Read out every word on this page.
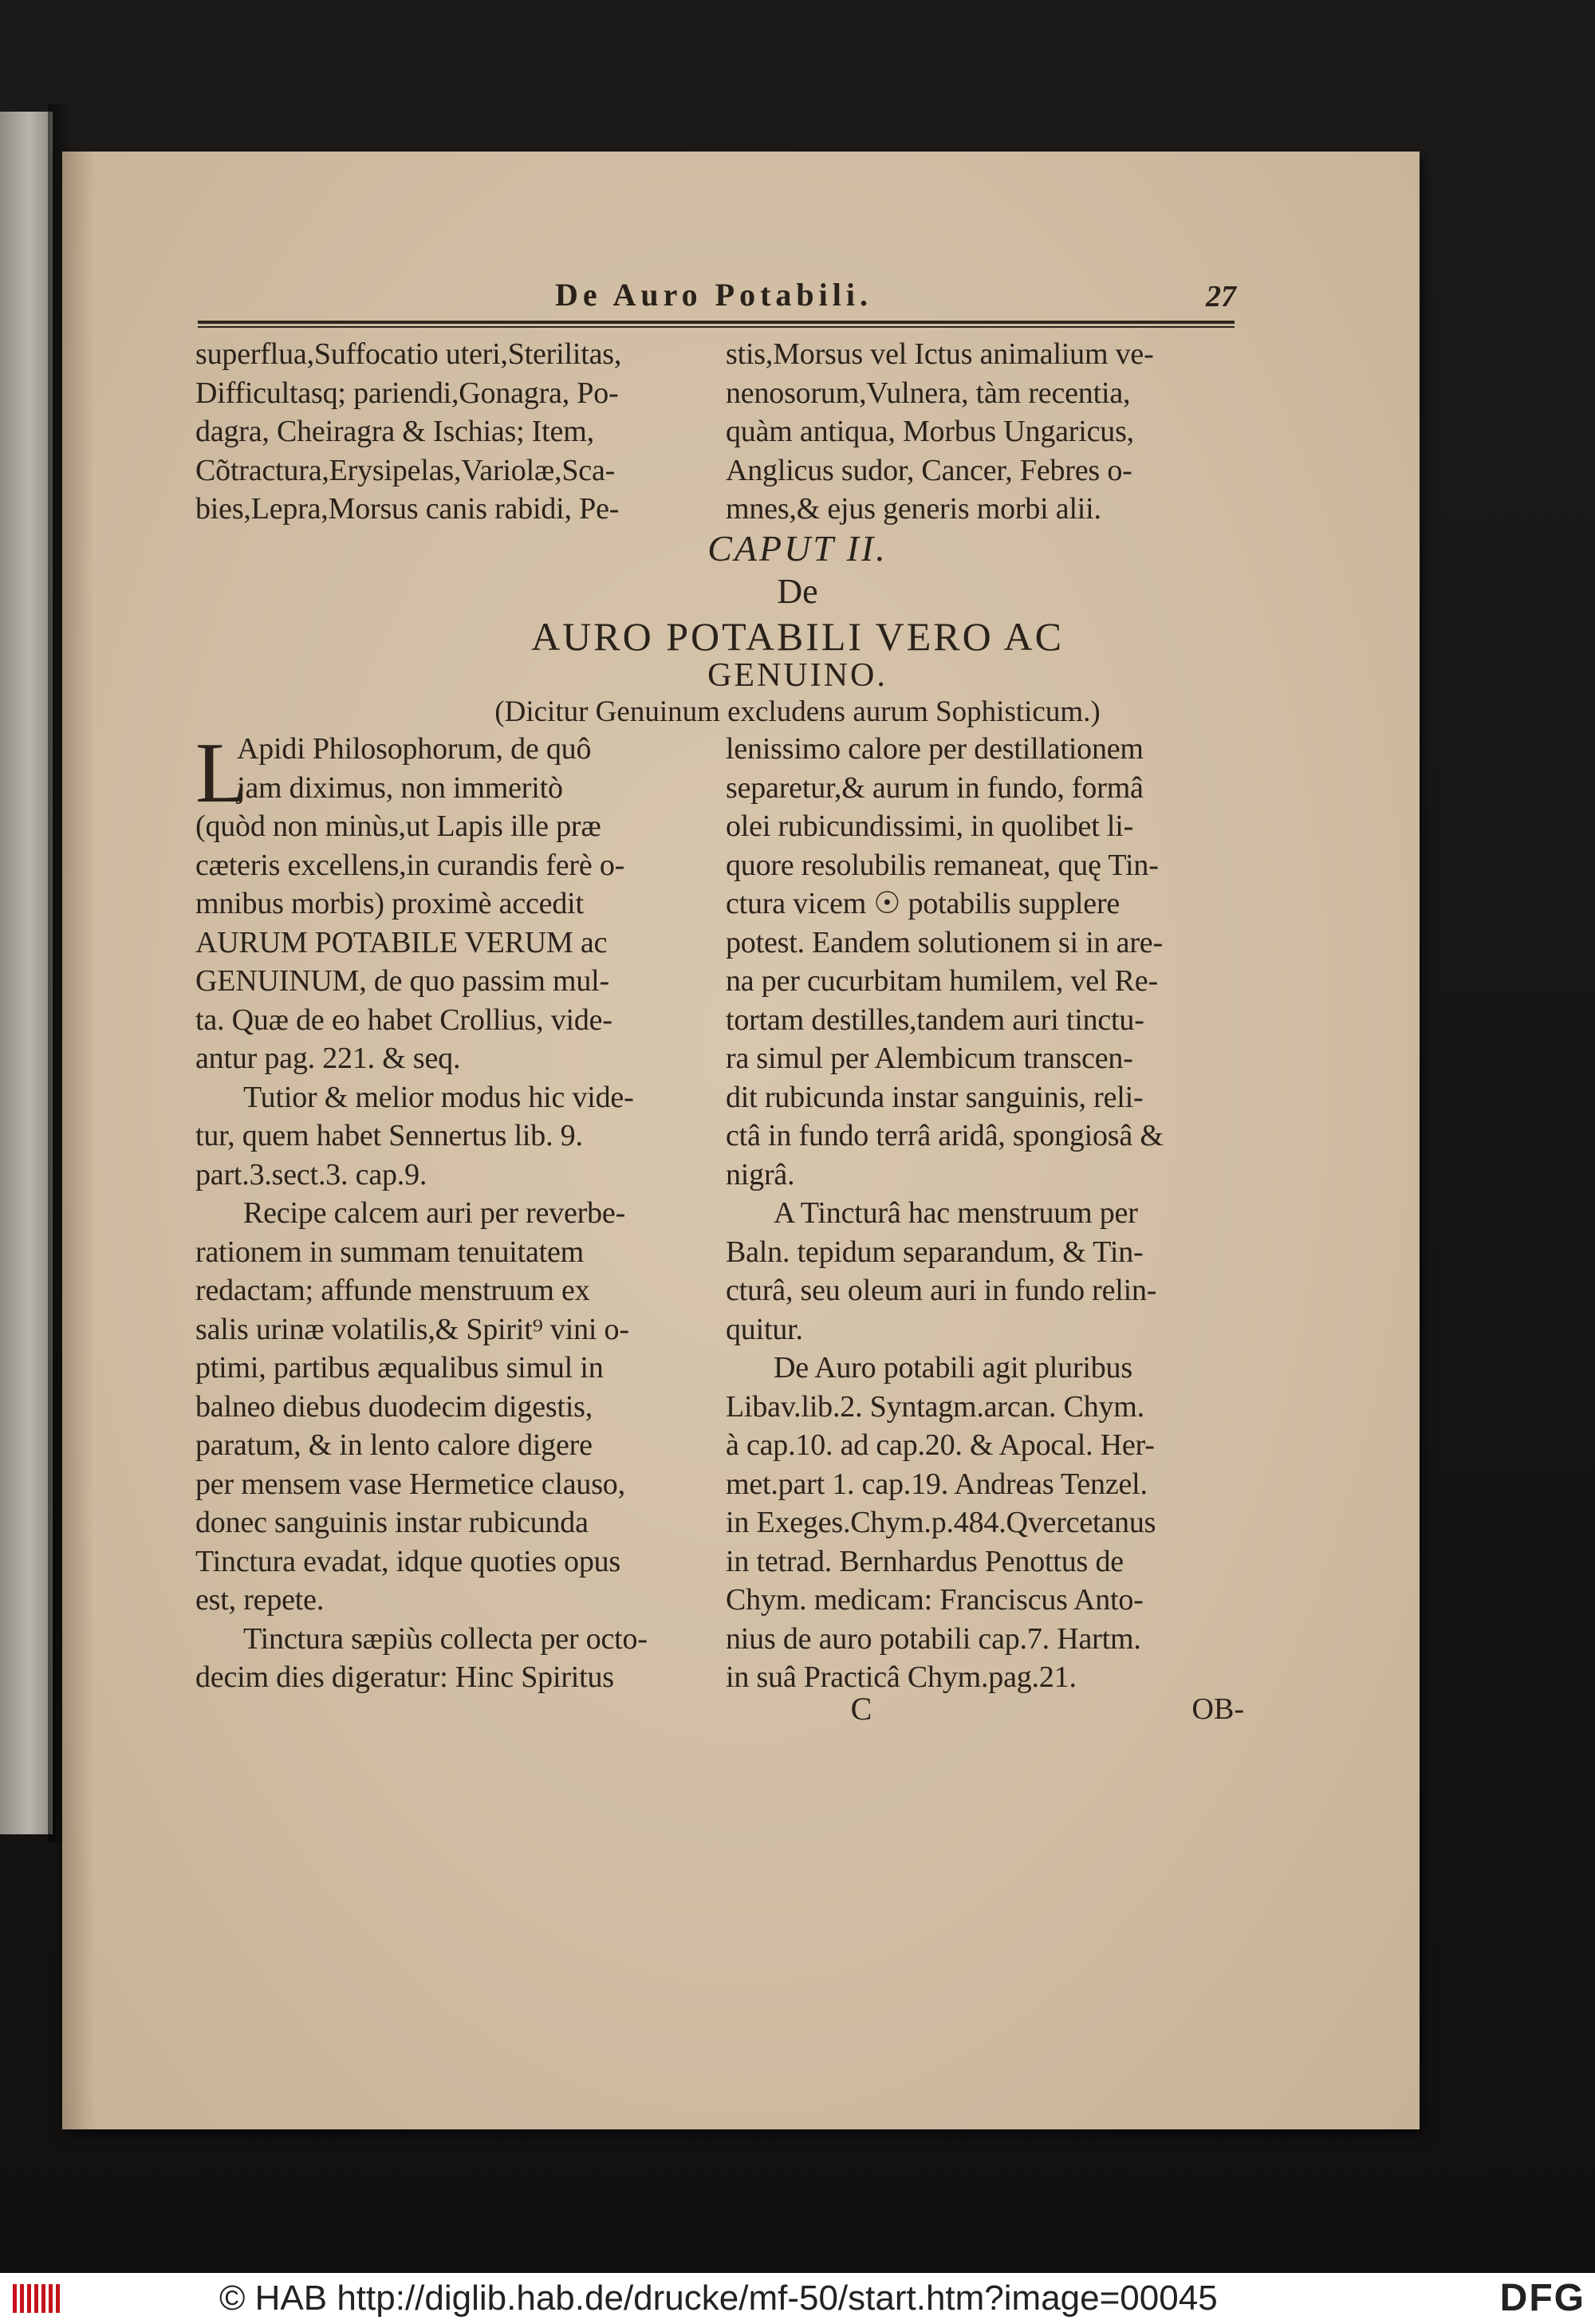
De Auro Potabili.	27
superflua,Suffocatio uteri,Sterilitas,
Difficultasq; pariendi,Gonagra, Po-
dagra, Cheiragra & Ischias; Item,
Cõtractura,Erysipelas,Variolæ,Sca-
bies,Lepra,Morsus canis rabidi, Pe-
stis,Morsus vel Ictus animalium ve-
nenosorum,Vulnera, tàm recentia,
quàm antiqua, Morbus Ungaricus,
Anglicus sudor, Cancer, Febres o-
mnes,& ejus generis morbi alii.
CAPUT II.
De
AURO POTABILI VERO AC
GENUINO.
(Dicitur Genuinum excludens aurum Sophisticum.)
L
Apidi Philosophorum, de quô
jam diximus, non immeritò
(quòd non minùs,ut Lapis ille præ
cæteris excellens,in curandis ferè o-
mnibus morbis) proximè accedit
AURUM POTABILE VERUM ac
GENUINUM, de quo passim mul-
ta. Quæ de eo habet Crollius, vide-
antur pag. 221. & seq.
Tutior & melior modus hic vide-
tur, quem habet Sennertus lib. 9.
part.3.sect.3. cap.9.
Recipe calcem auri per reverbe-
rationem in summam tenuitatem
redactam; affunde menstruum ex
salis urinæ volatilis,& Spirit⁹ vini o-
ptimi, partibus æqualibus simul in
balneo diebus duodecim digestis,
paratum, & in lento calore digere
per mensem vase Hermetice clauso,
donec sanguinis instar rubicunda
Tinctura evadat, idque quoties opus
est, repete.
Tinctura sæpiùs collecta per octo-
decim dies digeratur: Hinc Spiritus
lenissimo calore per destillationem
separetur,& aurum in fundo, formâ
olei rubicundissimi, in quolibet li-
quore resolubilis remaneat, quę Tin-
ctura vicem ☉ potabilis supplere
potest. Eandem solutionem si in are-
na per cucurbitam humilem, vel Re-
tortam destilles,tandem auri tinctu-
ra simul per Alembicum transcen-
dit rubicunda instar sanguinis, reli-
ctâ in fundo terrâ aridâ, spongiosâ &
nigrâ.
A Tincturâ hac menstruum per
Baln. tepidum separandum, & Tin-
cturâ, seu oleum auri in fundo relin-
quitur.
De Auro potabili agit pluribus
Libav.lib.2. Syntagm.arcan. Chym.
à cap.10. ad cap.20. & Apocal. Her-
met.part 1. cap.19. Andreas Tenzel.
in Exeges.Chym.p.484.Qvercetanus
in tetrad. Bernhardus Penottus de
Chym. medicam: Franciscus Anto-
nius de auro potabili cap.7. Hartm.
in suâ Practicâ Chym.pag.21.
C	OB-
© HAB http://diglib.hab.de/drucke/mf-50/start.htm?image=00045	DFG
